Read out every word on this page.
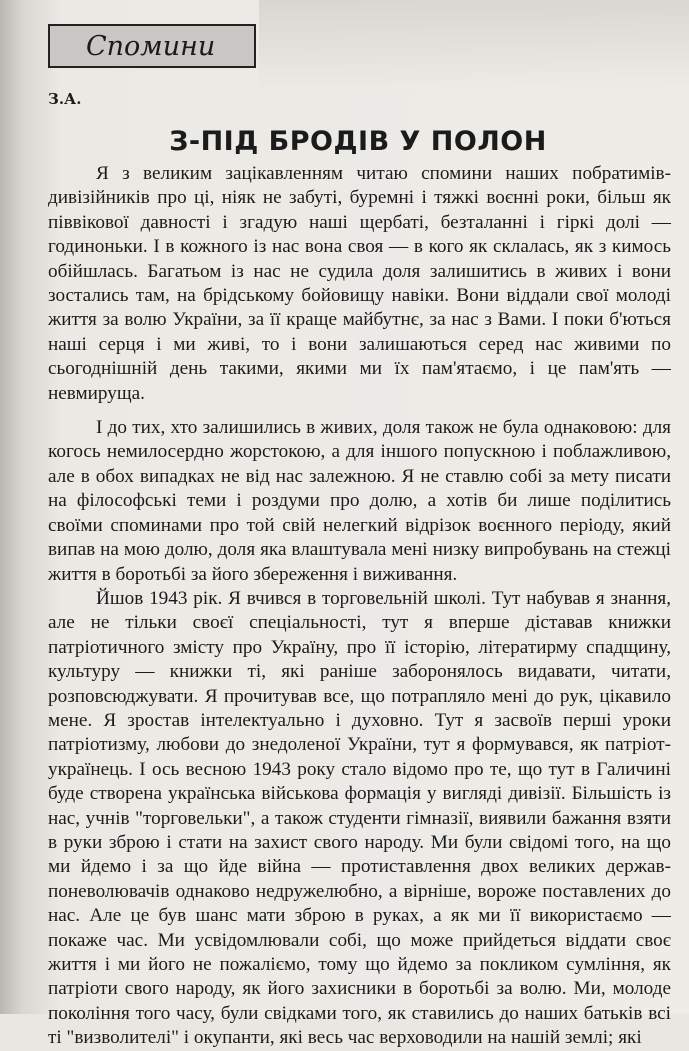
Спомини
З.А.
З-ПІД БРОДІВ У ПОЛОН

Я з великим зацікавленням читаю спомини наших побратимів-дивізійників про ці, ніяк не забуті, буремні і тяжкі воєнні роки, більш як піввікової давності і згадую наші щербаті, безталанні і гіркі долі — годиноньки. І в кожного із нас вона своя — в кого як склалась, як з кимось обійшлась. Багатьом із нас не судила доля залишитись в живих і вони зостались там, на брідському бойовищу навіки. Вони віддали свої молоді життя за волю України, за її краще майбутнє, за нас з Вами. І поки б'ються наші серця і ми живі, то і вони залишаються серед нас живими по сьогоднішній день такими, якими ми їх пам'ятаємо, і це пам'ять — невмируща.

І до тих, хто залишились в живих, доля також не була однаковою: для когось немилосердно жорстокою, а для іншого попускною і поблажливою, але в обох випадках не від нас залежною. Я не ставлю собі за мету писати на філософські теми і роздуми про долю, а хотів би лише поділитись своїми споминами про той свій нелегкий відрізок воєнного періоду, який випав на мою долю, доля яка влаштувала мені низку випробувань на стежці життя в боротьбі за його збереження і виживання.

Йшов 1943 рік. Я вчився в торговельній школі. Тут набував я знання, але не тільки своєї спеціальності, тут я вперше діставав книжки патріотичного змісту про Україну, про її історію, літератирму спадщину, культуру — книжки ті, які раніше заборонялось видавати, читати, розповсюджувати. Я прочитував все, що потрапляло мені до рук, цікавило мене. Я зростав інтелектуально і духовно. Тут я засвоїв перші уроки патріотизму, любови до знедоленої України, тут я формувався, як патріот-українець. І ось весною 1943 року стало відомо про те, що тут в Галичині буде створена українська військова формація у вигляді дивізії. Більшість із нас, учнів "торговельки", а також студенти гімназії, виявили бажання взяти в руки зброю і стати на захист свого народу. Ми були свідомі того, на що ми йдемо і за що йде війна — протиставлення двох великих держав-поневолювачів однаково недружелюбно, а вірніше, вороже поставлених до нас. Але це був шанс мати зброю в руках, а як ми її використаємо — покаже час. Ми усвідомлювали собі, що може прийдеться віддати своє життя і ми його не пожаліємо, тому що йдемо за покликом сумління, як патріоти свого народу, як його захисники в боротьбі за волю. Ми, молоде покоління того часу, були свідками того, як ставились до наших батьків всі ті "визволителі" і окупанти, які весь час верховодили на нашій землі; які
